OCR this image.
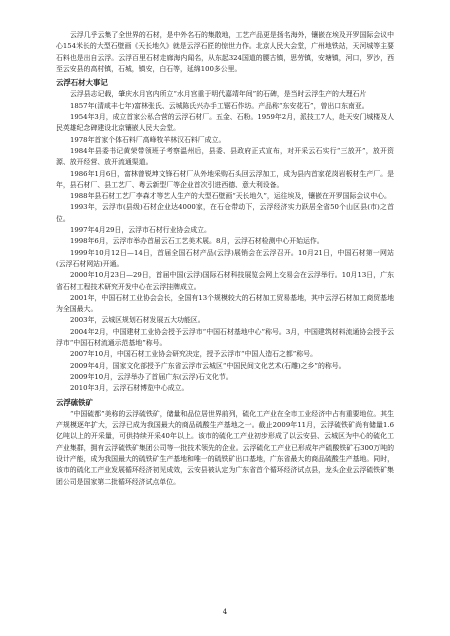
云浮几乎云集了全世界的石材，是中外名石的集散地，工艺产品更是扬名海外，镶嵌在埃及开罗国际会议中心154米长的大型石壁画《天长地久》就是云浮石匠的惊世力作。北京人民大会堂，广州地铁站，天河城等主要石料也是出自云浮。云浮百里石材走廊海内闻名，从东起324国道的腰古镇，思劳镇，安塘镇，河口，罗沙，西至云安县的高村镇，石城，镇安，白石等，延绵100多公里。

云浮石材大事记

云浮县志记载，肇庆水月宫内所立“水月宫重于明代嘉靖年间”的石碑，是当时云浮生产的大理石片

1857年(清咸丰七年)富林张氏、云城陈氏兴办手工锯石作坊。产品称“东安花石”，曾出口东南亚。

1954年3月，成立首家公私合营的云浮石材厂。五金、石粉。1959年2月，派技工7人，赴天安门城楼及人民英雄纪念碑建设北京镶嵌人民大会堂。

1978年首家个体石料厂高峰牧羊林汉石料厂成立。

1984年县委书记黄荣带领班子考察温州后，县委、县政府正式宣布，对开采云石实行“三放开”，放开资源、放开经营、放开流通渠道。

1986年1月6日，富林曾锐坤文锋石材厂从外地采购石头回云浮加工，成为县内首家花岗岩板材生产厂。是年，县石材厂、县工艺厂、粤云新型厂等企业首次引进西德、意大利设备。

1988年县石材工艺厂李森才等艺人生产的大型石壁画“天长地久”，运往埃及，镶嵌在开罗国际会议中心。

1993年，云浮市(县级)石材企业达4000家，在石仓带动下，云浮经济实力跃居全省50个山区县(市)之首位。

1997年4月29日，云浮市石材行业协会成立。

1998年6月，云浮市举办首届云石工艺美术展。8月，云浮石材检测中心开始运作。

1999年10月12日—14日，首届全国石材产品(云浮)展销会在云浮召开。10月21日，中国石材第一网站(云浮石材网站)开通。

2000年10月23日—29日，首届中国(云浮)国际石材科技展览会网上交易会在云浮举行。10月13日，广东省石材工程技术研究开发中心在云浮挂牌成立。

2001年，中国石材工业协会会长，全国有13个规模较大的石材加工贸易基地，其中云浮石材加工商贸基地为全国最大。

2003年，云城区规划石材发展五大功能区。

2004年2月，中国建材工业协会授予云浮市“中国石材基地中心”称号。3月，中国建筑材料流通协会授予云浮市“中国石材流通示范基地”称号。

2007年10月，中国石材工业协会研究决定，授予云浮市“中国人造石之都”称号。

2009年4月，国家文化部授予广东省云浮市云城区“中国民间文化艺术(石雕)之乡”的称号。

2009年10月，云浮举办了首届广东(云浮)石文化节。

2010年3月，云浮石材博览中心成立。

云浮硫铁矿

“中国硫都”美称的云浮硫铁矿，储量和品位居世界前列，硫化工产业在全市工业经济中占有重要地位。其生产规模逐年扩大，云浮已成为我国最大的商品硫酸生产基地之一。截止2009年11月，云浮硫铁矿尚有储量1.6亿吨以上的开采量，可供持续开采40年以上。该市的硫化工产业初步形成了以云安县、云城区为中心的硫化工产业集群，拥有云浮硫铁矿集团公司等一批技术领先的企业。云浮硫化工产业已形成年产硫酸铁矿石300万吨的设计产能，成为我国最大的硫铁矿生产基地和唯一的硫铁矿出口基地，广东省最大的商品硫酸生产基地。同时，该市的硫化工产业发展循环经济初见成效，云安县被认定为广东省首个循环经济试点县，龙头企业云浮硫铁矿集团公司是国家第二批循环经济试点单位。

4
